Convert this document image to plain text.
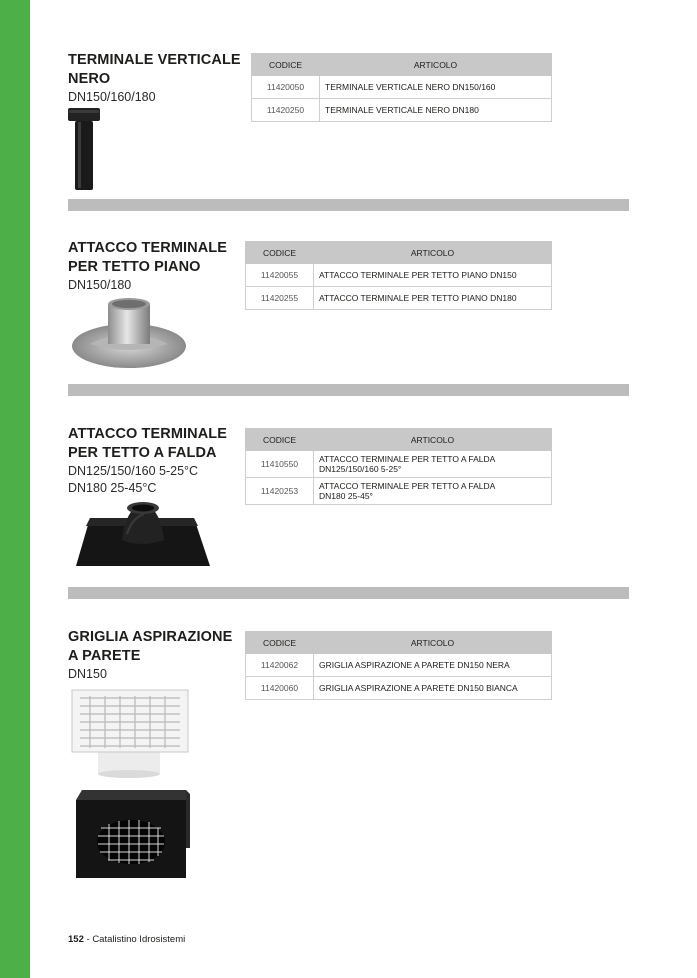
TERMINALE VERTICALE
NERO
DN150/160/180
CODICE	ARTICOLO
11420050	TERMINALE VERTICALE NERO DN150/160
11420250	TERMINALE VERTICALE NERO DN180
ATTACCO TERMINALE
PER TETTO PIANO
DN150/180
CODICE	ARTICOLO
11420055	ATTACCO TERMINALE PER TETTO PIANO DN150
11420255	ATTACCO TERMINALE PER TETTO PIANO DN180
ATTACCO TERMINALE
PER TETTO A FALDA
DN125/150/160 5-25°C
DN180 25-45°C
CODICE	ARTICOLO
11410550	ATTACCO TERMINALE PER TETTO A FALDA
DN125/150/160 5-25°

11420253	ATTACCO TERMINALE PER TETTO A FALDA
DN180 25-45°
GRIGLIA ASPIRAZIONE
A PARETE
DN150
CODICE	ARTICOLO
11420062	GRIGLIA ASPIRAZIONE A PARETE DN150 NERA
11420060	GRIGLIA ASPIRAZIONE A PARETE DN150 BIANCA
152 - Catalistino Idrosistemi
